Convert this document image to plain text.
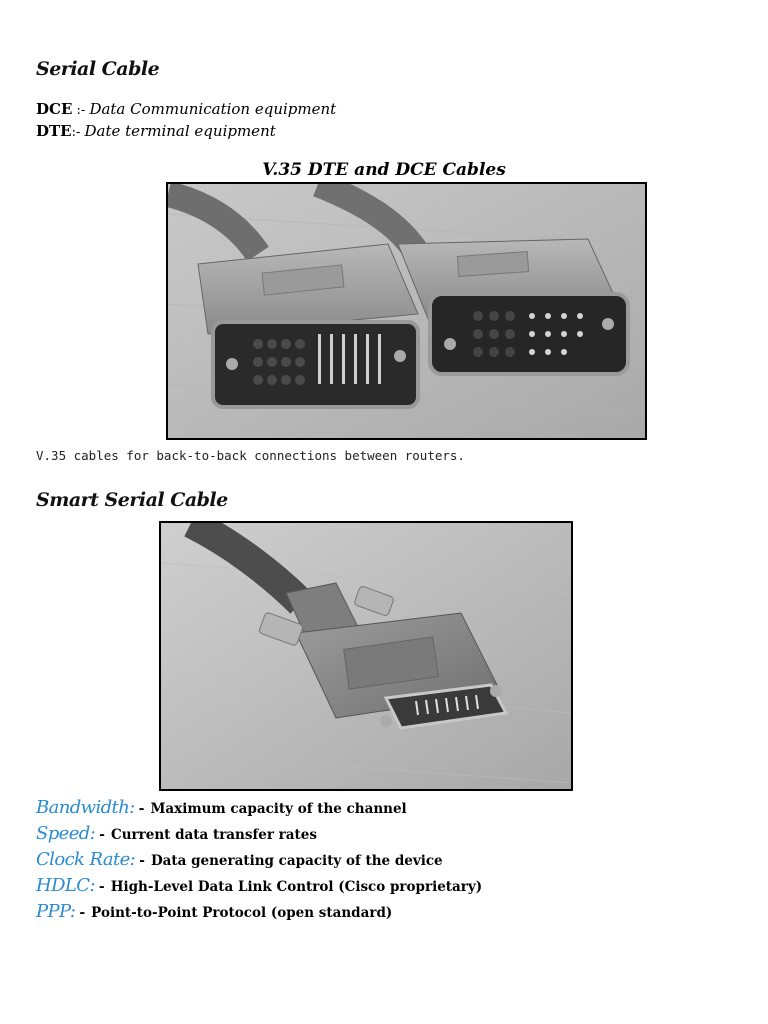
Serial Cable
DCE :- Data Communication equipment
DTE:- Date terminal equipment
V.35 DTE and DCE Cables
V.35 cables for back-to-back connections between routers.
Smart Serial Cable
Bandwidth: - Maximum capacity of the channel
Speed: - Current data transfer rates
Clock Rate: - Data generating capacity of the device
HDLC: - High-Level Data Link Control (Cisco proprietary)
PPP: - Point-to-Point Protocol (open standard)
